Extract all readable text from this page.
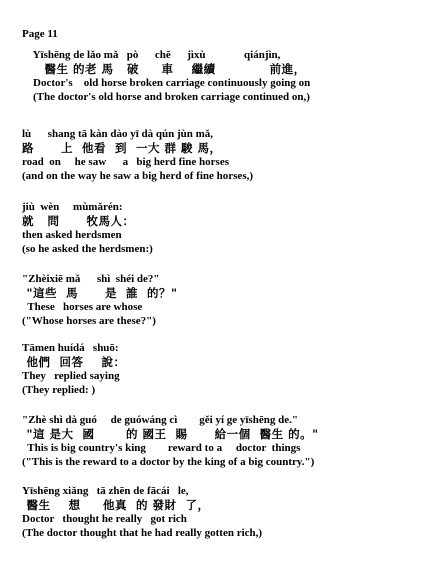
Page 11
Yīshēng de lǎo mǎ   pò      chē      jìxù              qiánjìn,
醫生 的老 馬   破     車    繼續            前進，
Doctor's    old horse broken carriage continuously going on
(The doctor's old horse and broken carriage continued on,)
lù      shang tā kàn dào yī dà qún jùn mǎ,
路      上  他看  到  一大 群 駿 馬，
road  on     he saw      a   big herd fine horses
(and on the way he saw a big herd of fine horses,)
jiù  wèn     mùmǎrén:
就   問      牧馬人：
then asked herdsmen
(so he asked the herdsmen:)
"Zhèixiē mǎ      shì  shéi de?"
"這些  馬      是  誰  的？"
These   horses are whose
("Whose horses are these?")
Tāmen huídá   shuō:
他們  回答    說：
They   replied saying
(They replied: )
"Zhè shì dà guó     de guówáng cì        gěi yí ge yīshēng de."
"這 是大  國       的 國王  賜      給一個  醫生 的。"
This is big country's king        reward to a     doctor  things
("This is the reward to a doctor by the king of a big country.")
Yīshēng xiǎng   tā zhēn de fācái   le,
醫生    想     他真  的 發財  了，
Doctor   thought he really   got rich
(The doctor thought that he had really gotten rich,)
